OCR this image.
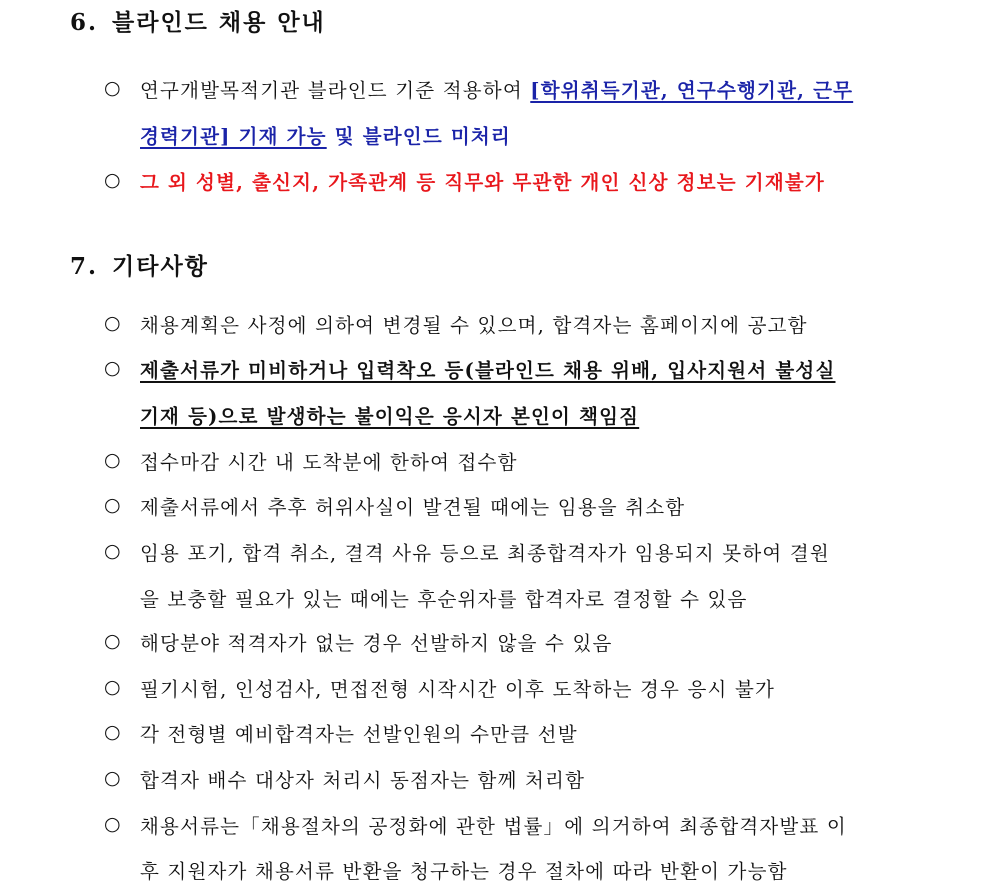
6. 블라인드 채용 안내
○ 연구개발목적기관 블라인드 기준 적용하여 [학위취득기관, 연구수행기관, 근무
경력기관] 기재 가능 및 블라인드 미처리
○ 그 외 성별, 출신지, 가족관계 등 직무와 무관한 개인 신상 정보는 기재불가
7. 기타사항
○ 채용계획은 사정에 의하여 변경될 수 있으며, 합격자는 홈페이지에 공고함
○ 제출서류가 미비하거나 입력착오 등(블라인드 채용 위배, 입사지원서 불성실
기재 등)으로 발생하는 불이익은 응시자 본인이 책임짐
○ 접수마감 시간 내 도착분에 한하여 접수함
○ 제출서류에서 추후 허위사실이 발견될 때에는 임용을 취소함
○ 임용 포기, 합격 취소, 결격 사유 등으로 최종합격자가 임용되지 못하여 결원
을 보충할 필요가 있는 때에는 후순위자를 합격자로 결정할 수 있음
○ 해당분야 적격자가 없는 경우 선발하지 않을 수 있음
○ 필기시험, 인성검사, 면접전형 시작시간 이후 도착하는 경우 응시 불가
○ 각 전형별 예비합격자는 선발인원의 수만큼 선발
○ 합격자 배수 대상자 처리시 동점자는 함께 처리함
○ 채용서류는「채용절차의 공정화에 관한 법률」에 의거하여 최종합격자발표 이
후 지원자가 채용서류 반환을 청구하는 경우 절차에 따라 반환이 가능함
